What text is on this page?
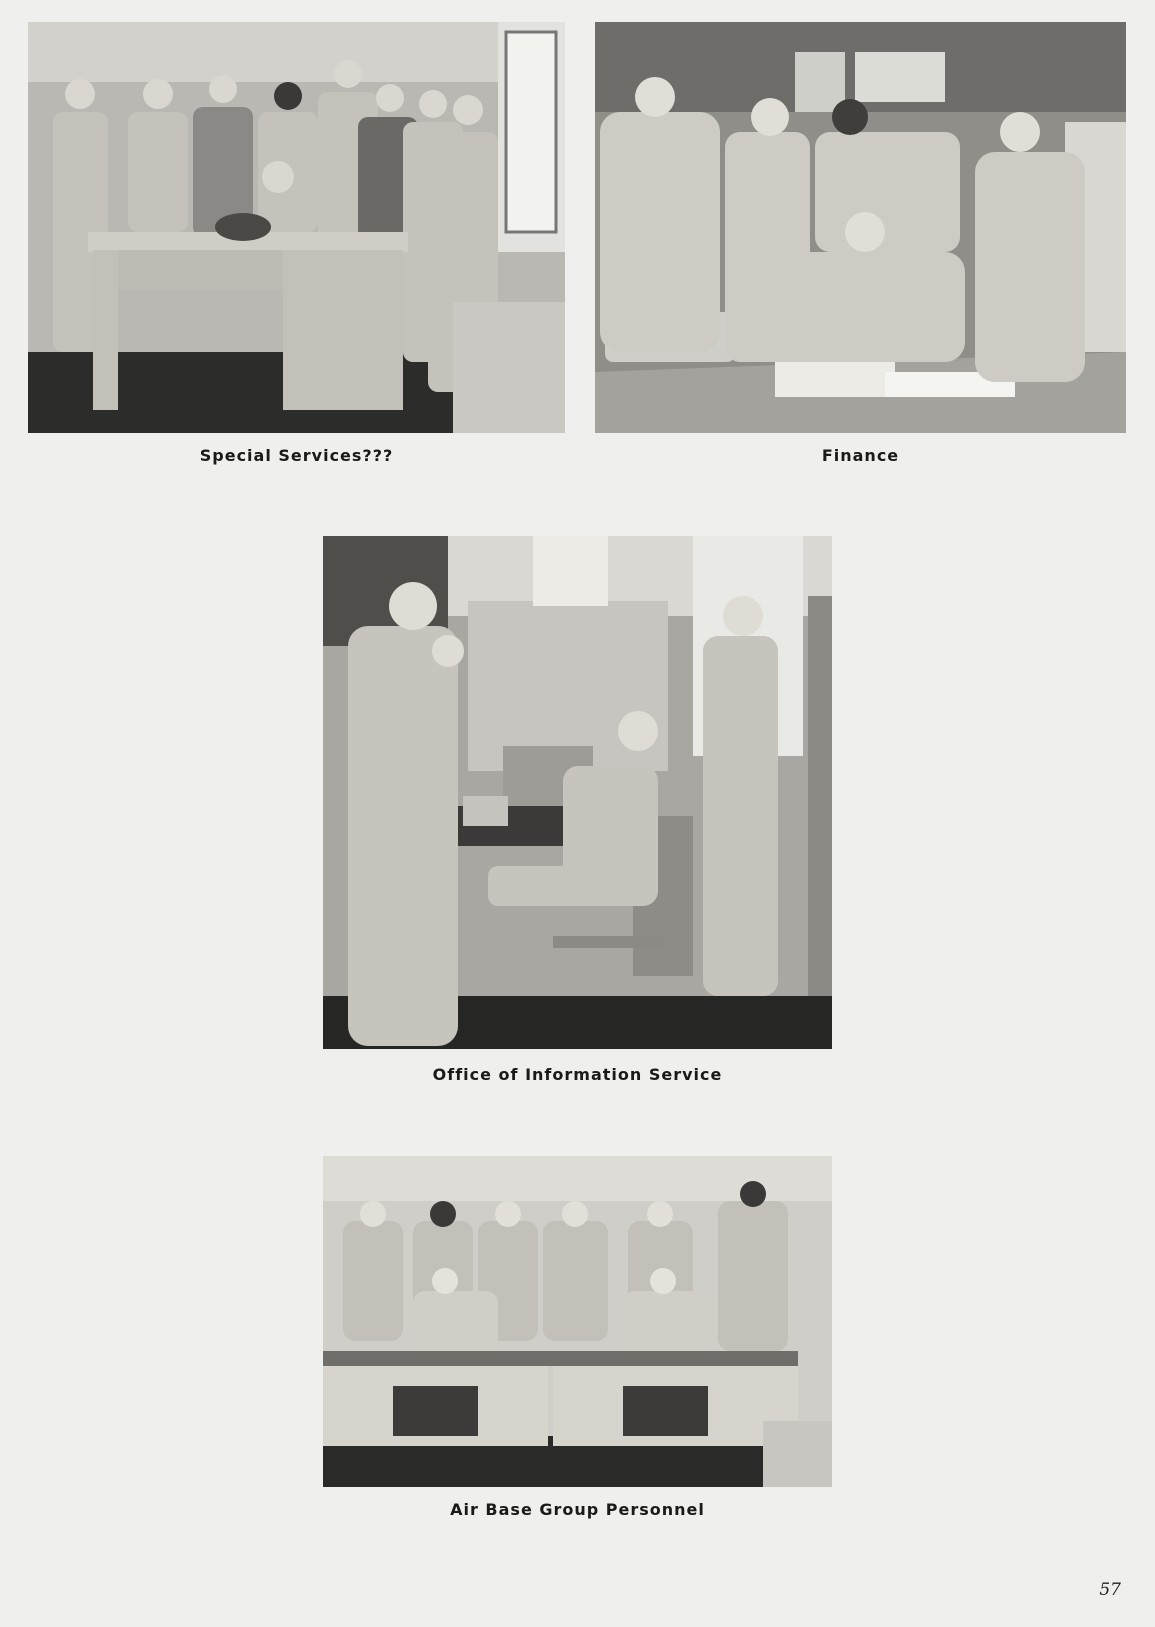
Special Services???	Finance
Office of Information Service
Air Base Group Personnel
57
